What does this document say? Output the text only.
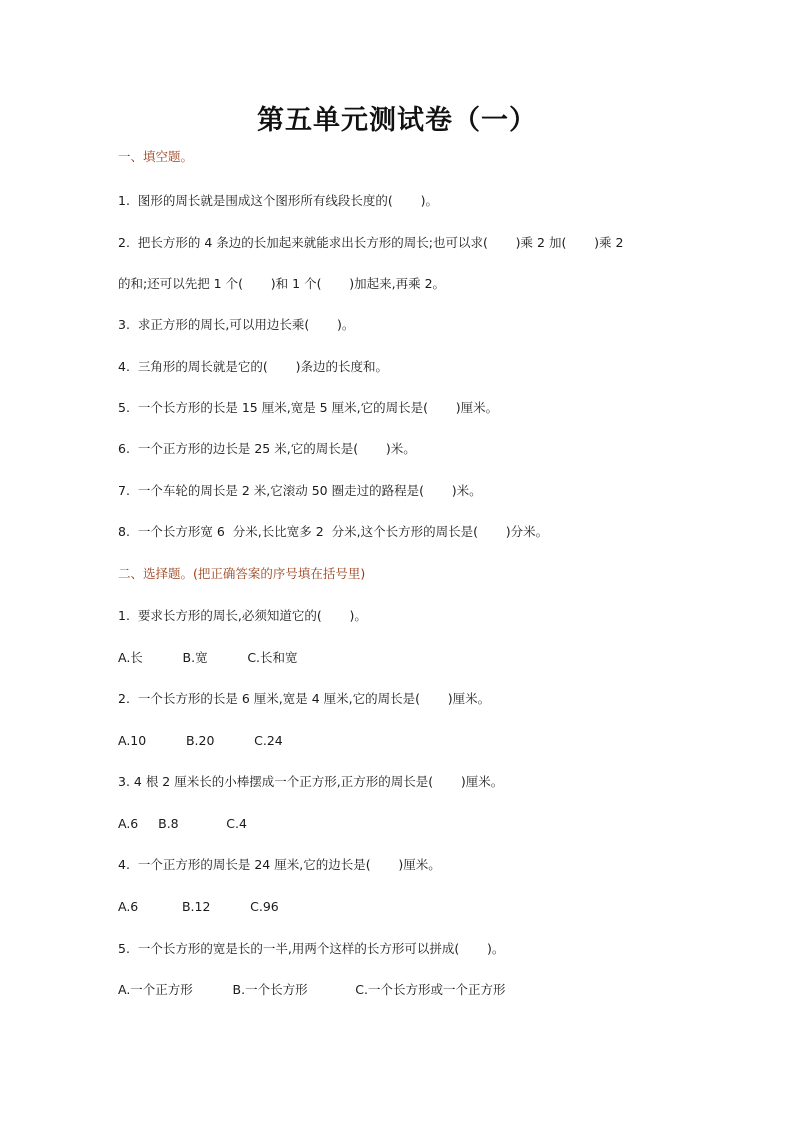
第五单元测试卷（一）
一、填空题。
1.  图形的周长就是围成这个图形所有线段长度的(       )。
2.  把长方形的 4 条边的长加起来就能求出长方形的周长;也可以求(       )乘 2 加(       )乘 2
的和;还可以先把 1 个(       )和 1 个(       )加起来,再乘 2。
3.  求正方形的周长,可以用边长乘(       )。
4.  三角形的周长就是它的(       )条边的长度和。
5.  一个长方形的长是 15 厘米,宽是 5 厘米,它的周长是(       )厘米。
6.  一个正方形的边长是 25 米,它的周长是(       )米。
7.  一个车轮的周长是 2 米,它滚动 50 圈走过的路程是(       )米。
8.  一个长方形宽 6  分米,长比宽多 2  分米,这个长方形的周长是(       )分米。
二、选择题。(把正确答案的序号填在括号里)
1.  要求长方形的周长,必须知道它的(       )。
A.长          B.宽          C.长和宽
2.  一个长方形的长是 6 厘米,宽是 4 厘米,它的周长是(       )厘米。
A.10          B.20          C.24
3. 4 根 2 厘米长的小棒摆成一个正方形,正方形的周长是(       )厘米。
A.6     B.8            C.4
4.  一个正方形的周长是 24 厘米,它的边长是(       )厘米。
A.6           B.12          C.96
5.  一个长方形的宽是长的一半,用两个这样的长方形可以拼成(       )。
A.一个正方形          B.一个长方形            C.一个长方形或一个正方形
